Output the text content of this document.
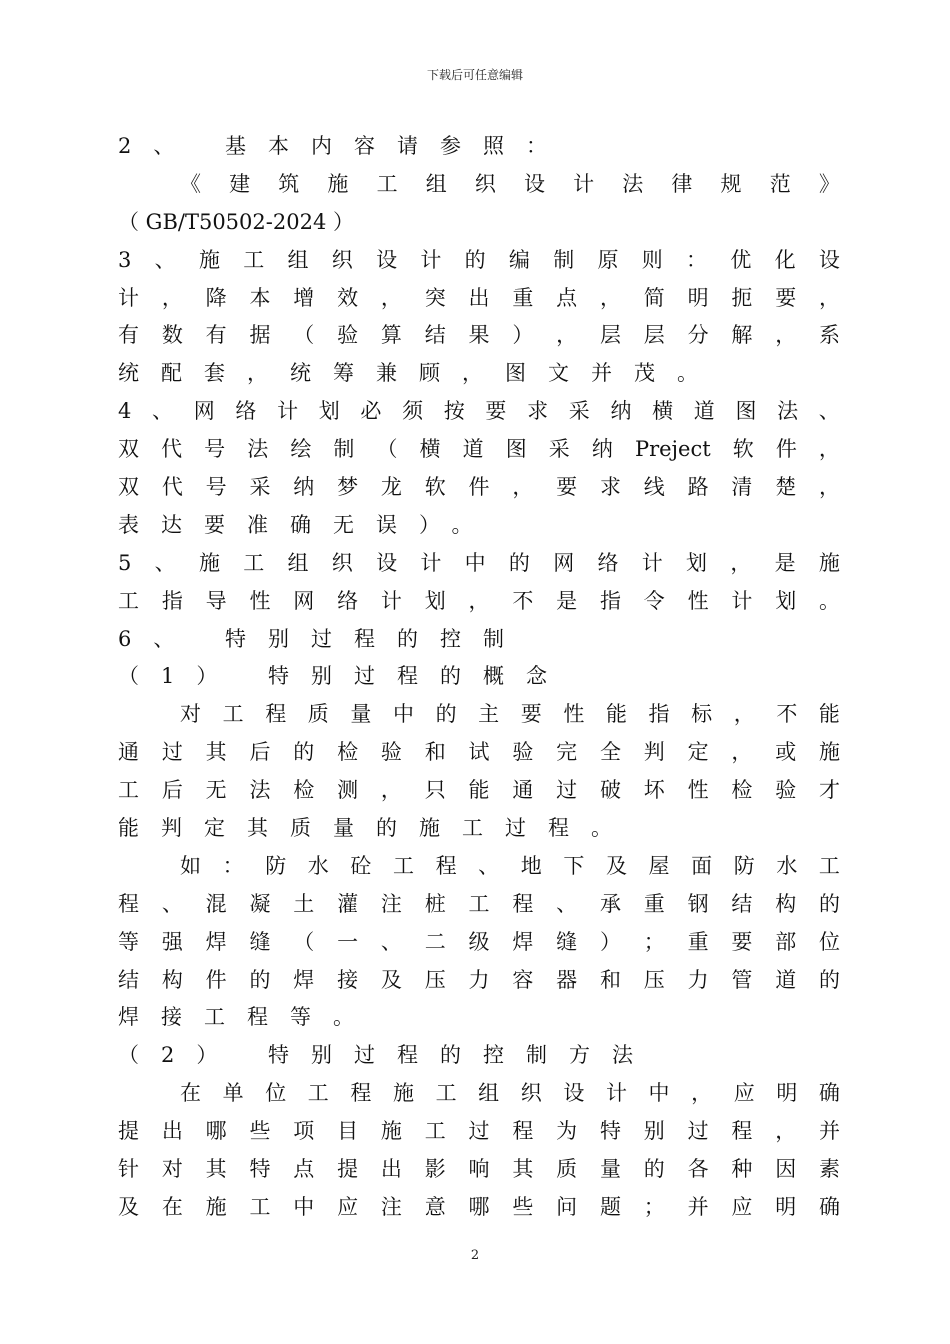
下载后可任意编辑
2、 基本内容请参照：
《 建 筑 施 工 组 织 设 计 法 律 规 范 》
（ GB/T50502-2024 ）
3 、 施 工 组 织 设 计 的 编 制 原 则 ： 优 化 设
计 ， 降 本 增 效 ， 突 出 重 点 ， 简 明 扼 要 ，
有 数 有 据 （ 验 算 结 果 ） ， 层 层 分 解 ， 系
统配套，统筹兼顾，图文并茂。
4 、 网 络 计 划 必 须 按 要 求 采 纳 横 道 图 法 、
双 代 号 法 绘 制 （ 横 道 图 采 纳 Preject 软 件 ，
双 代 号 采 纳 梦 龙 软 件 ， 要 求 线 路 清 楚 ，
表达要准确无误）。
5 、 施 工 组 织 设 计 中 的 网 络 计 划 ， 是 施
工 指 导 性 网 络 计 划 ， 不 是 指 令 性 计 划 。
6、 特别过程的控制
（1） 特别过程的概念
对 工 程 质 量 中 的 主 要 性 能 指 标 ， 不 能
通 过 其 后 的 检 验 和 试 验 完 全 判 定 ， 或 施
工 后 无 法 检 测 ， 只 能 通 过 破 坏 性 检 验 才
能判定其质量的施工过程。
如 ： 防 水 砼 工 程 、 地 下 及 屋 面 防 水 工
程 、 混 凝 土 灌 注 桩 工 程 、 承 重 钢 结 构 的
等 强 焊 缝 （ 一 、 二 级 焊 缝 ） ； 重 要 部 位
结 构 件 的 焊 接 及 压 力 容 器 和 压 力 管 道 的
焊接工程等。
（2） 特别过程的控制方法
在 单 位 工 程 施 工 组 织 设 计 中 ， 应 明 确
提 出 哪 些 项 目 施 工 过 程 为 特 别 过 程 ， 并
针 对 其 特 点 提 出 影 响 其 质 量 的 各 种 因 素
及 在 施 工 中 应 注 意 哪 些 问 题 ； 并 应 明 确
2
